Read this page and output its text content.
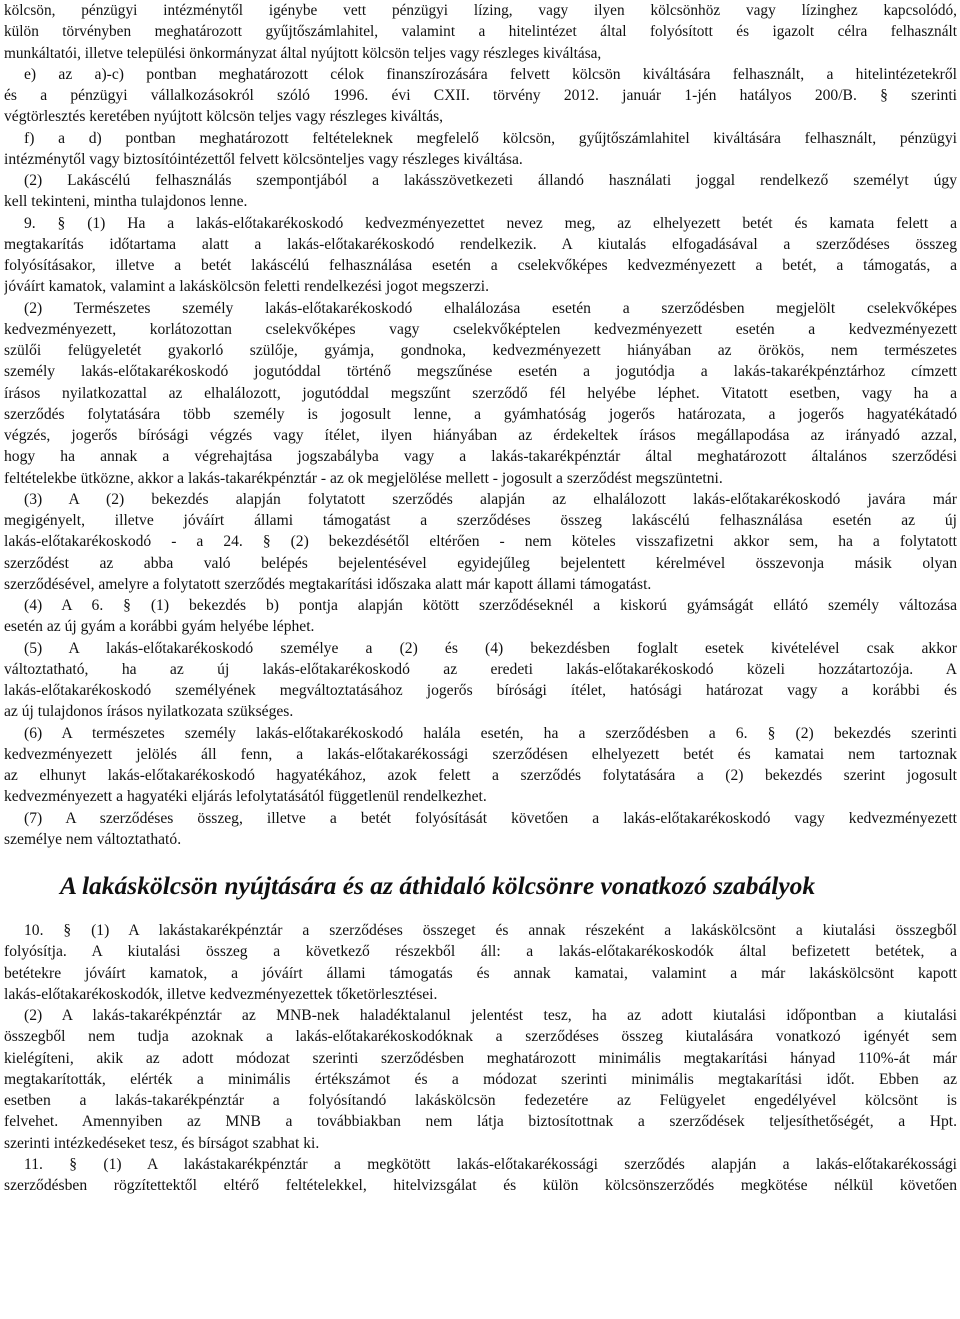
kölcsön, pénzügyi intézménytől igénybe vett pénzügyi lízing, vagy ilyen kölcsönhöz vagy lízinghez kapcsolódó,
külön törvényben meghatározott gyűjtőszámlahitel, valamint a hitelintézet által folyósított és igazolt célra felhasznált
munkáltatói, illetve települési önkormányzat által nyújtott kölcsön teljes vagy részleges kiváltása,
e) az a)-c) pontban meghatározott célok finanszírozására felvett kölcsön kiváltására felhasznált, a hitelintézetekről
és a pénzügyi vállalkozásokról szóló 1996. évi CXII. törvény 2012. január 1-jén hatályos 200/B. § szerinti
végtörlesztés keretében nyújtott kölcsön teljes vagy részleges kiváltás,
f) a d) pontban meghatározott feltételeknek megfelelő kölcsön, gyűjtőszámlahitel kiváltására felhasznált, pénzügyi
intézménytől vagy biztosítóintézettől felvett kölcsönteljes vagy részleges kiváltása.
(2) Lakáscélú felhasználás szempontjából a lakásszövetkezeti állandó használati joggal rendelkező személyt úgy
kell tekinteni, mintha tulajdonos lenne.
9. § (1) Ha a lakás-előtakarékoskodó kedvezményezettet nevez meg, az elhelyezett betét és kamata felett a
megtakarítás időtartama alatt a lakás-előtakarékoskodó rendelkezik. A kiutalás elfogadásával a szerződéses összeg
folyósításakor, illetve a betét lakáscélú felhasználása esetén a cselekvőképes kedvezményezett a betét, a támogatás, a
jóváírt kamatok, valamint a lakáskölcsön feletti rendelkezési jogot megszerzi.
(2) Természetes személy lakás-előtakarékoskodó elhalálozása esetén a szerződésben megjelölt cselekvőképes
kedvezményezett, korlátozottan cselekvőképes vagy cselekvőképtelen kedvezményezett esetén a kedvezményezett
szülői felügyeletét gyakorló szülője, gyámja, gondnoka, kedvezményezett hiányában az örökös, nem természetes
személy lakás-előtakarékoskodó jogutóddal történő megszűnése esetén a jogutódja a lakás-takarékpénztárhoz címzett
írásos nyilatkozattal az elhalálozott, jogutóddal megszűnt szerződő fél helyébe léphet. Vitatott esetben, vagy ha a
szerződés folytatására több személy is jogosult lenne, a gyámhatóság jogerős határozata, a jogerős hagyatékátadó
végzés, jogerős bírósági végzés vagy ítélet, ilyen hiányában az érdekeltek írásos megállapodása az irányadó azzal,
hogy ha annak a végrehajtása jogszabályba vagy a lakás-takarékpénztár által meghatározott általános szerződési
feltételekbe ütközne, akkor a lakás-takarékpénztár - az ok megjelölése mellett - jogosult a szerződést megszüntetni.
(3) A (2) bekezdés alapján folytatott szerződés alapján az elhalálozott lakás-előtakarékoskodó javára már
megigényelt, illetve jóváírt állami támogatást a szerződéses összeg lakáscélú felhasználása esetén az új
lakás-előtakarékoskodó - a 24. § (2) bekezdésétől eltérően - nem köteles visszafizetni akkor sem, ha a folytatott
szerződést az abba való belépés bejelentésével egyidejűleg bejelentett kérelmével összevonja másik olyan
szerződésével, amelyre a folytatott szerződés megtakarítási időszaka alatt már kapott állami támogatást.
(4) A 6. § (1) bekezdés b) pontja alapján kötött szerződéseknél a kiskorú gyámságát ellátó személy változása
esetén az új gyám a korábbi gyám helyébe léphet.
(5) A lakás-előtakarékoskodó személye a (2) és (4) bekezdésben foglalt esetek kivételével csak akkor
változtatható, ha az új lakás-előtakarékoskodó az eredeti lakás-előtakarékoskodó közeli hozzátartozója. A
lakás-előtakarékoskodó személyének megváltoztatásához jogerős bírósági ítélet, hatósági határozat vagy a korábbi és
az új tulajdonos írásos nyilatkozata szükséges.
(6) A természetes személy lakás-előtakarékoskodó halála esetén, ha a szerződésben a 6. § (2) bekezdés szerinti
kedvezményezett jelölés áll fenn, a lakás-előtakarékossági szerződésen elhelyezett betét és kamatai nem tartoznak
az elhunyt lakás-előtakarékoskodó hagyatékához, azok felett a szerződés folytatására a (2) bekezdés szerint jogosult
kedvezményezett a hagyatéki eljárás lefolytatásától függetlenül rendelkezhet.
(7) A szerződéses összeg, illetve a betét folyósítását követően a lakás-előtakarékoskodó vagy kedvezményezett
személye nem változtatható.
A lakáskölcsön nyújtására és az áthidaló kölcsönre vonatkozó szabályok
10. § (1) A lakástakarékpénztár a szerződéses összeget és annak részeként a lakáskölcsönt a kiutalási összegből
folyósítja. A kiutalási összeg a következő részekből áll: a lakás-előtakarékoskodók által befizetett betétek, a
betétekre jóváírt kamatok, a jóváírt állami támogatás és annak kamatai, valamint a már lakáskölcsönt kapott
lakás-előtakarékoskodók, illetve kedvezményezettek tőketörlesztései.
(2) A lakás-takarékpénztár az MNB-nek haladéktalanul jelentést tesz, ha az adott kiutalási időpontban a kiutalási
összegből nem tudja azoknak a lakás-előtakarékoskodóknak a szerződéses összeg kiutalására vonatkozó igényét sem
kielégíteni, akik az adott módozat szerinti szerződésben meghatározott minimális megtakarítási hányad 110%-át már
megtakarították, elérték a minimális értékszámot és a módozat szerinti minimális megtakarítási időt. Ebben az
esetben a lakás-takarékpénztár a folyósítandó lakáskölcsön fedezetére az Felügyelet engedélyével kölcsönt is
felvehet. Amennyiben az MNB a továbbiakban nem látja biztosítottnak a szerződések teljesíthetőségét, a Hpt.
szerinti intézkedéseket tesz, és bírságot szabhat ki.
11. § (1) A lakástakarékpénztár a megkötött lakás-előtakarékossági szerződés alapján a lakás-előtakarékossági
szerződésben rögzítettektől eltérő feltételekkel, hitelvizsgálat és külön kölcsönszerződés megkötése nélkül követően
